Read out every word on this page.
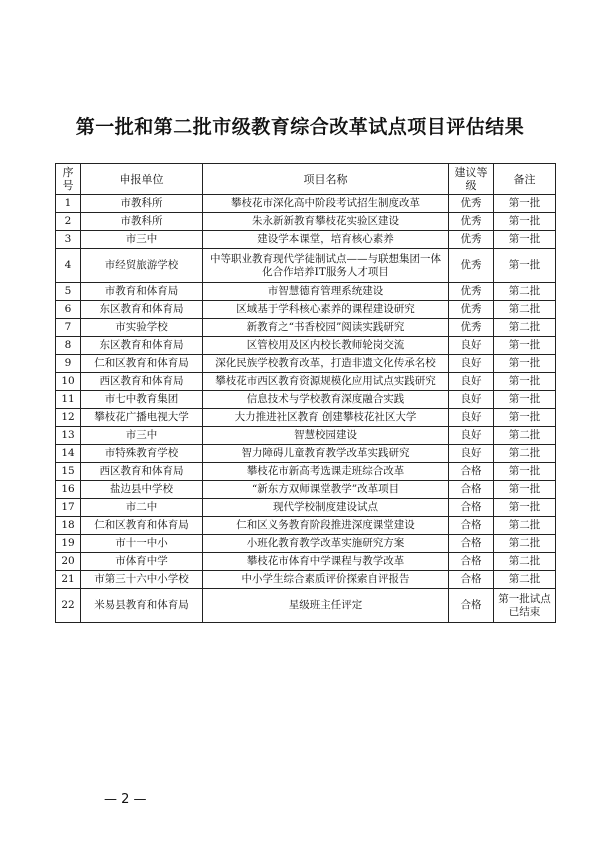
第一批和第二批市级教育综合改革试点项目评估结果
序号	申报单位	项目名称	建议等级	备注
1	市教科所	攀枝花市深化高中阶段考试招生制度改革	优秀	第一批
2	市教科所	朱永新新教育攀枝花实验区建设	优秀	第一批
3	市三中	建设学本课堂，培育核心素养	优秀	第一批
4	市经贸旅游学校	中等职业教育现代学徒制试点——与联想集团一体化合作培养IT服务人才项目	优秀	第一批
5	市教育和体育局	市智慧德育管理系统建设	优秀	第二批
6	东区教育和体育局	区域基于学科核心素养的课程建设研究	优秀	第二批
7	市实验学校	新教育之“书香校园”阅读实践研究	优秀	第二批
8	东区教育和体育局	区管校用及区内校长教师轮岗交流	良好	第一批
9	仁和区教育和体育局	深化民族学校教育改革，打造非遗文化传承名校	良好	第一批
10	西区教育和体育局	攀枝花市西区教育资源规模化应用试点实践研究	良好	第一批
11	市七中教育集团	信息技术与学校教育深度融合实践	良好	第一批
12	攀枝花广播电视大学	大力推进社区教育 创建攀枝花社区大学	良好	第一批
13	市三中	智慧校园建设	良好	第二批
14	市特殊教育学校	智力障碍儿童教育教学改革实践研究	良好	第二批
15	西区教育和体育局	攀枝花市新高考选课走班综合改革	合格	第一批
16	盐边县中学校	“新东方双师课堂教学”改革项目	合格	第一批
17	市二中	现代学校制度建设试点	合格	第一批
18	仁和区教育和体育局	仁和区义务教育阶段推进深度课堂建设	合格	第二批
19	市十一中小	小班化教育教学改革实施研究方案	合格	第二批
20	市体育中学	攀枝花市体育中学课程与教学改革	合格	第二批
21	市第三十六中小学校	中小学生综合素质评价探索自评报告	合格	第二批
22	米易县教育和体育局	星级班主任评定	合格	第一批试点已结束
— 2 —
